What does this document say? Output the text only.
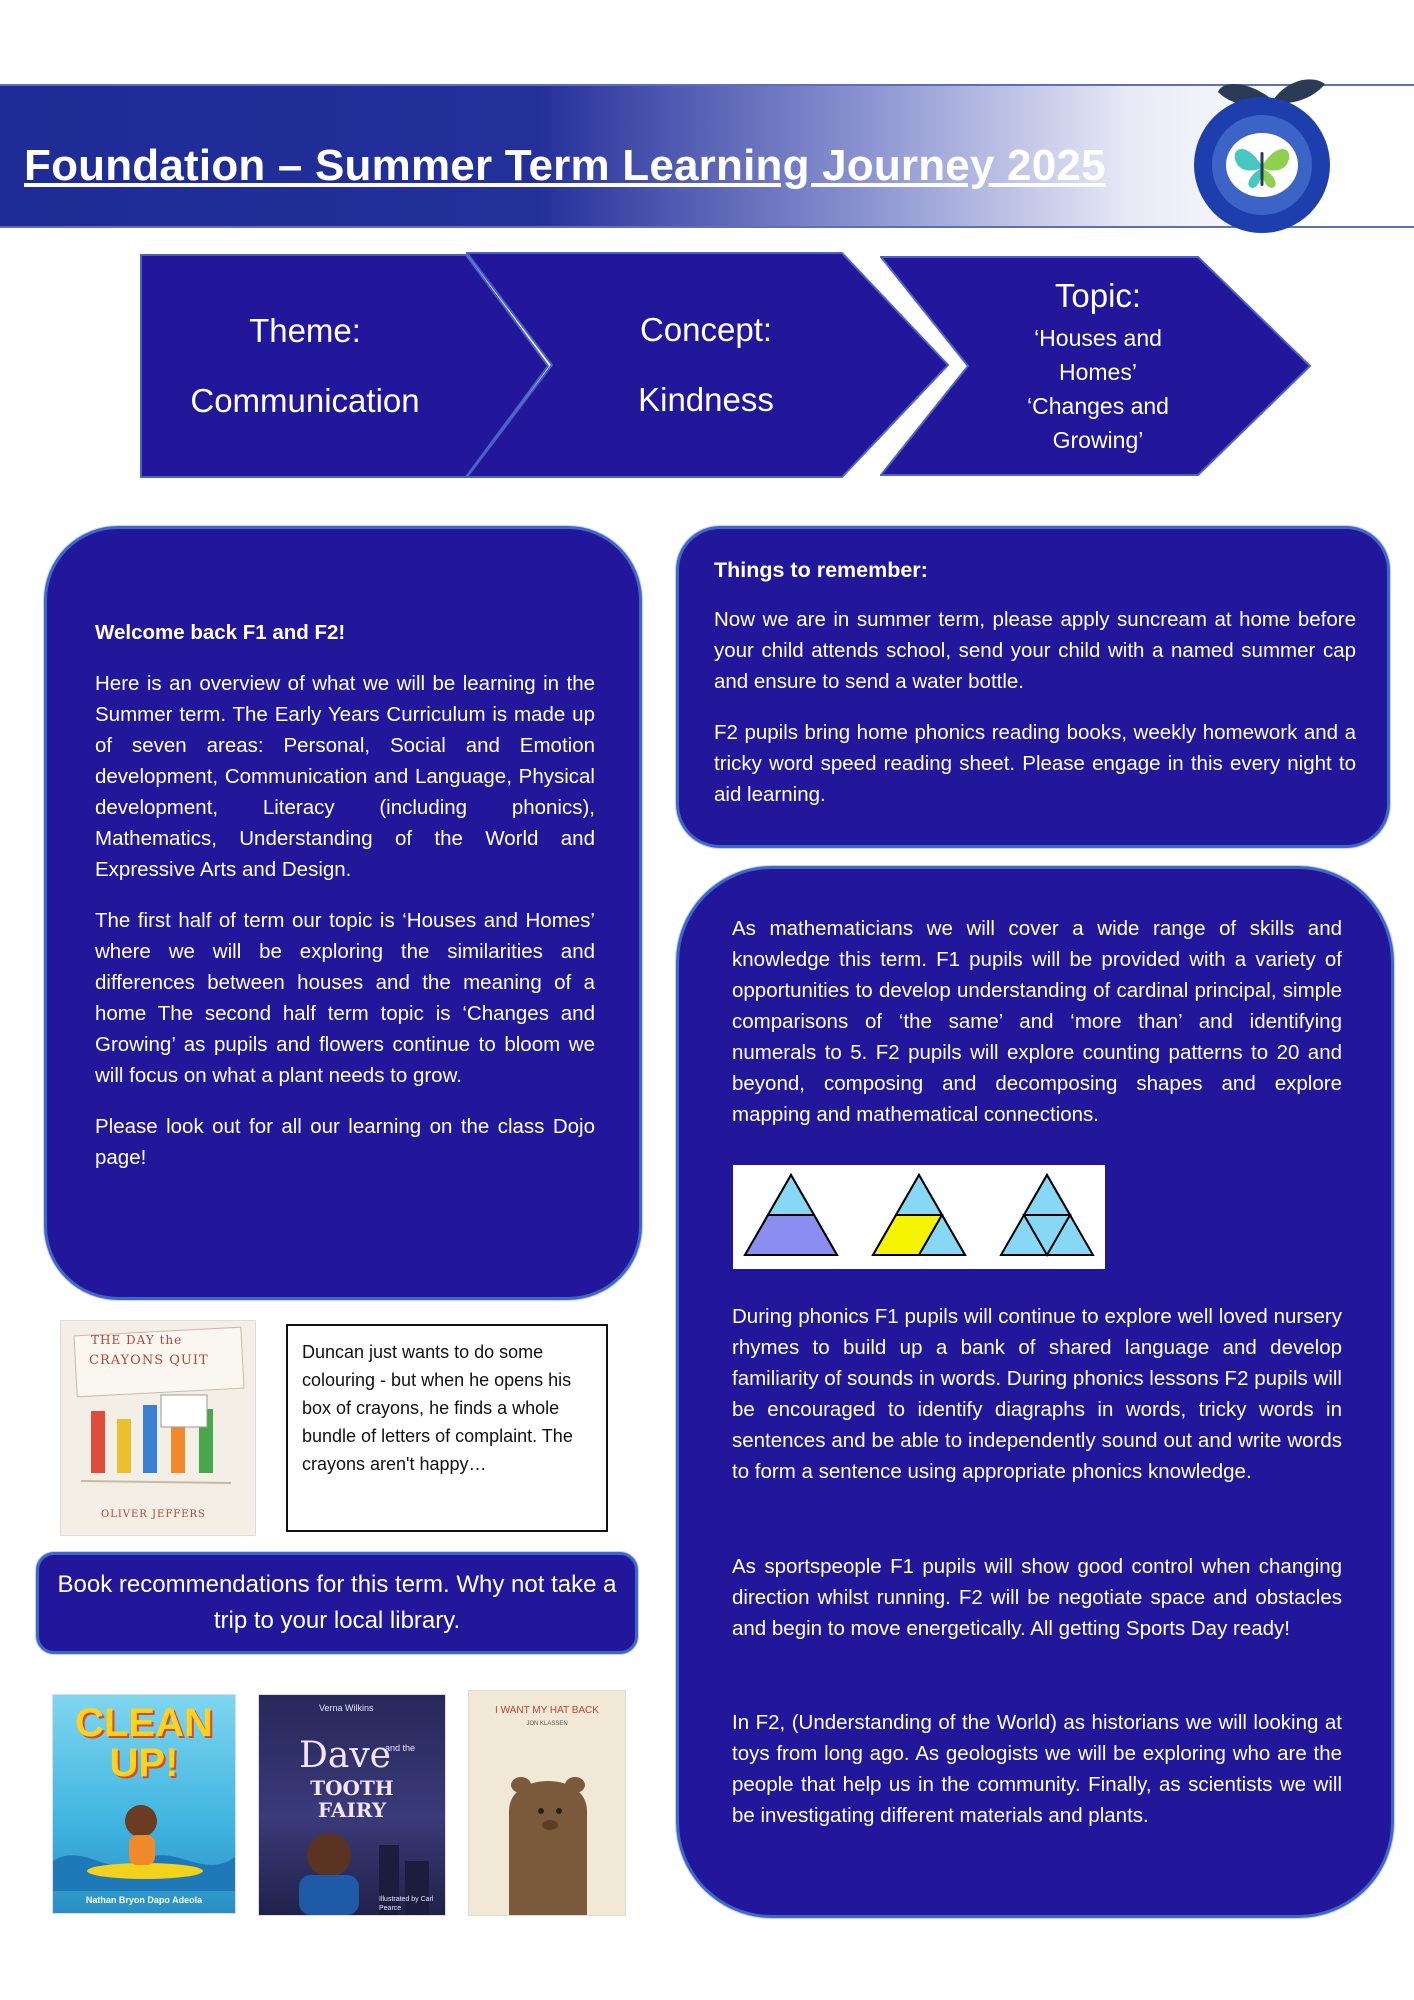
Foundation – Summer Term Learning Journey 2025
Theme:
Communication
Concept:
Kindness
Topic:
‘Houses and
Homes’
‘Changes and
Growing’

Welcome back F1 and F2!

Here is an overview of what we will be learning in the Summer term. The Early Years Curriculum is made up of seven areas: Personal, Social and Emotion development, Communication and Language, Physical development, Literacy (including phonics), Mathematics, Understanding of the World and Expressive Arts and Design.

The first half of term our topic is ‘Houses and Homes’ where we will be exploring the similarities and differences between houses and the meaning of a home The second half term topic is ‘Changes and Growing’ as pupils and flowers continue to bloom we will focus on what a plant needs to grow.

Please look out for all our learning on the class Dojo page!

Things to remember:

Now we are in summer term, please apply suncream at home before your child attends school, send your child with a named summer cap and ensure to send a water bottle.

F2 pupils bring home phonics reading books, weekly homework and a tricky word speed reading sheet. Please engage in this every night to aid learning.

As mathematicians we will cover a wide range of skills and knowledge this term. F1 pupils will be provided with a variety of opportunities to develop understanding of cardinal principal, simple comparisons of ‘the same’ and ‘more than’ and identifying numerals to 5. F2 pupils will explore counting patterns to 20 and beyond, composing and decomposing shapes and explore mapping and mathematical connections.
During phonics F1 pupils will continue to explore well loved nursery rhymes to build up a bank of shared language and develop familiarity of sounds in words. During phonics lessons F2 pupils will be encouraged to identify diagraphs in words, tricky words in sentences and be able to independently sound out and write words to form a sentence using appropriate phonics knowledge.
As sportspeople F1 pupils will show good control when changing direction whilst running. F2 will be negotiate space and obstacles and begin to move energetically. All getting Sports Day ready!
In F2, (Understanding of the World) as historians we will looking at toys from long ago. As geologists we will be exploring who are the people that help us in the community. Finally, as scientists we will be investigating different materials and plants.
THE DAY the
CRAYONS QUIT
OLIVER JEFFERS
Duncan just wants to do some colouring - but when he opens his box of crayons, he finds a whole bundle of letters of complaint. The crayons aren't happy…
Book recommendations for this term. Why not take a trip to your local library.
CLEAN UP!
Nathan Bryon Dapo Adeola
Verna Wilkins
Dave
and the
TOOTH FAIRY
Illustrated by Carl Pearce
I WANT MY HAT BACK
JON KLASSEN
